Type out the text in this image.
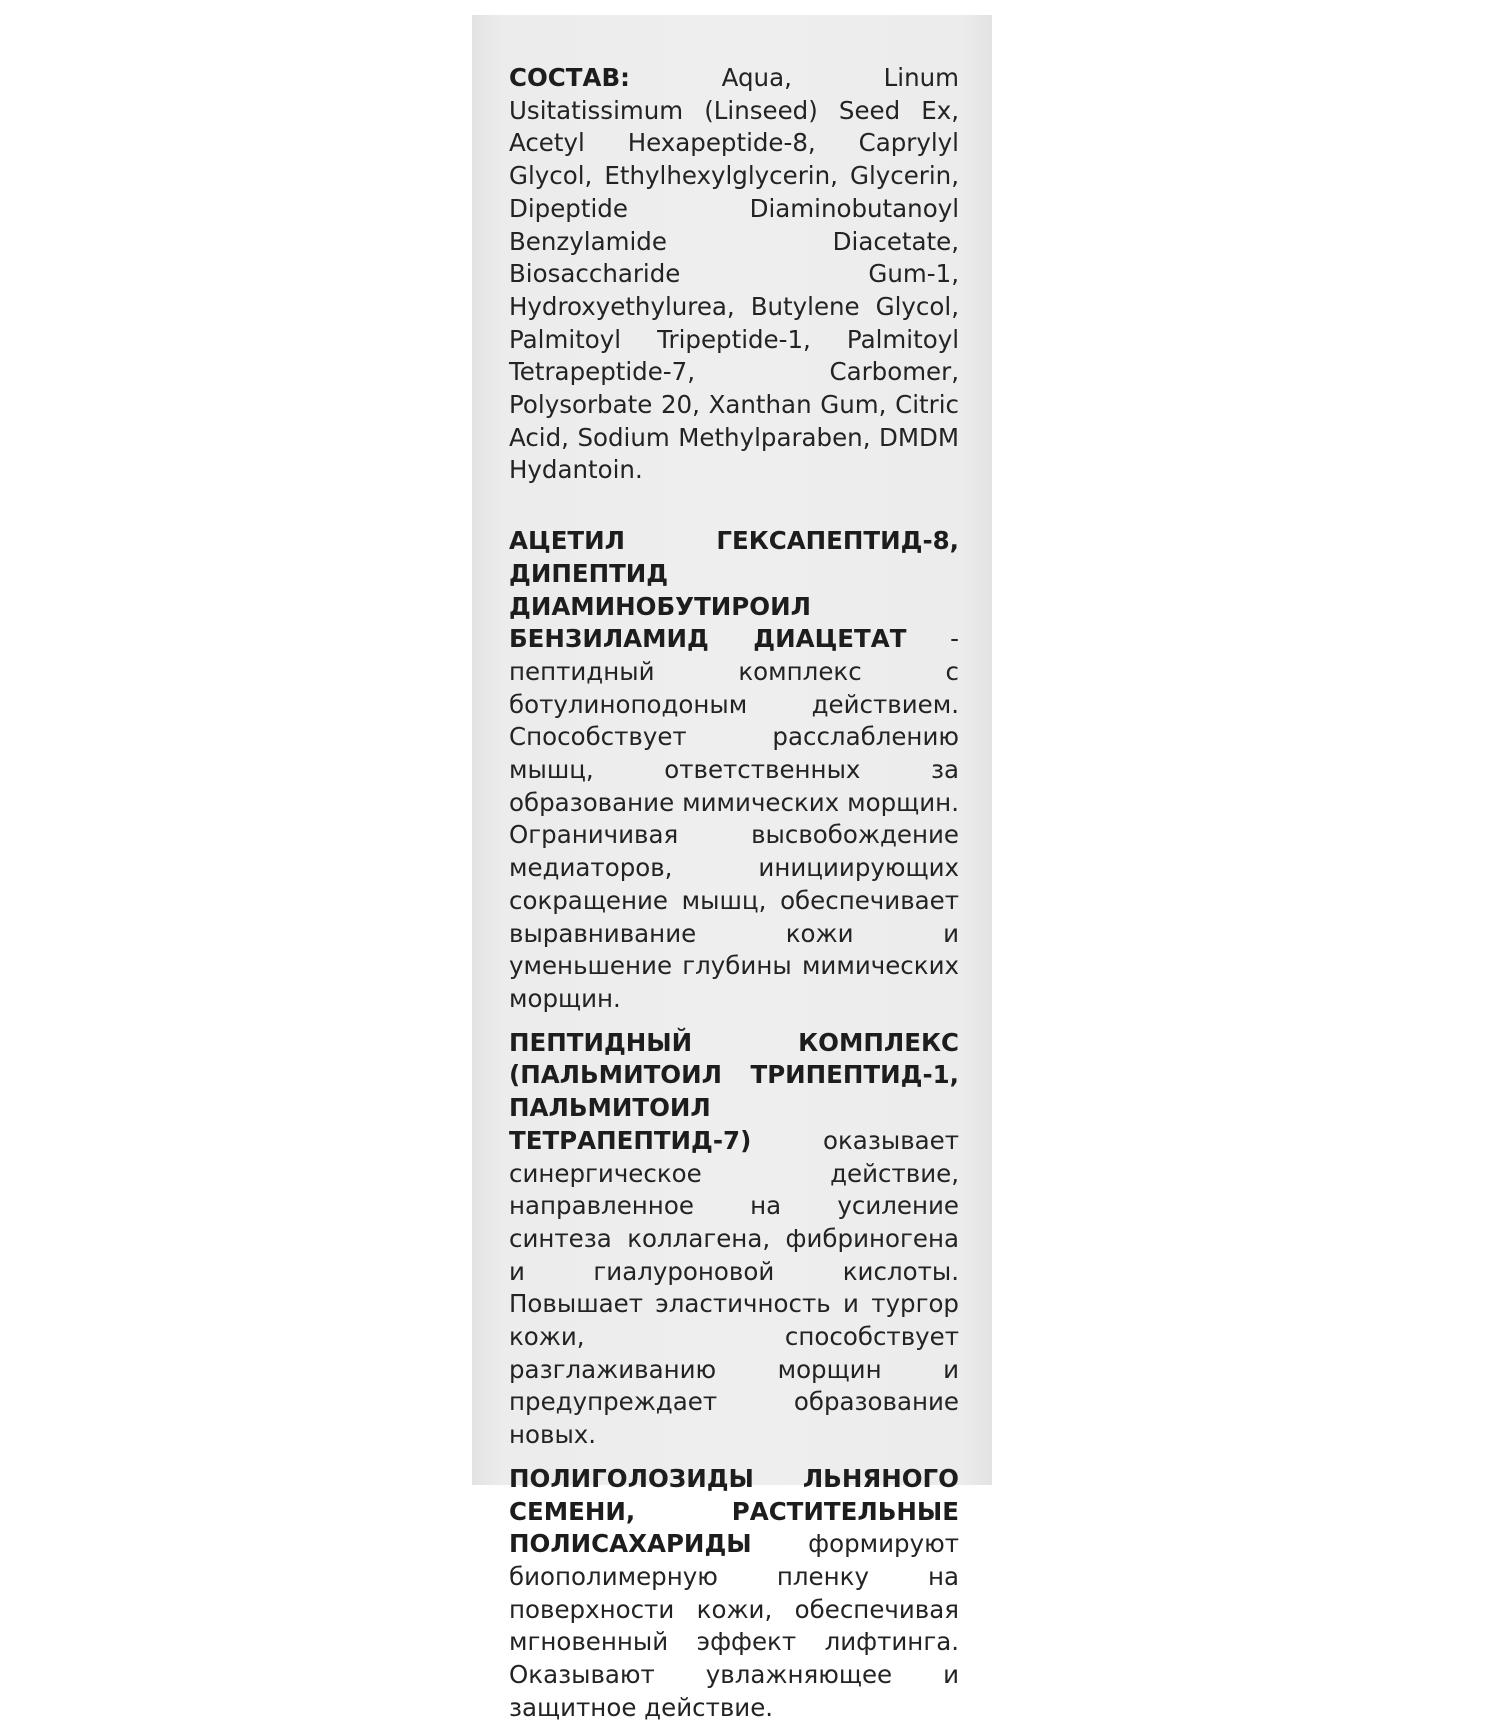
СОСТАВ: Aqua, Linum Usitatissimum (Linseed) Seed Ex, Acetyl Hexapeptide-8, Caprylyl Glycol, Ethylhexylglycerin, Glycerin, Dipeptide Diaminobutanoyl Benzylamide Diacetate, Biosaccharide Gum-1, Hydroxyethylurea, Butylene Glycol, Palmitoyl Tripeptide-1, Palmitoyl Tetrapeptide-7, Carbomer, Polysorbate 20, Xanthan Gum, Citric Acid, Sodium Methylparaben, DMDM Hydantoin.

АЦЕТИЛ ГЕКСАПЕПТИД-8, ДИПЕПТИД ДИАМИНОБУТИРОИЛ БЕНЗИЛАМИД ДИАЦЕТАТ - пептидный комплекс с ботулиноподоным действием. Способствует расслаблению мышц, ответственных за образование мимических морщин. Ограничивая высвобождение медиаторов, инициирующих сокращение мышц, обеспечивает выравнивание кожи и уменьшение глубины мимических морщин.

ПЕПТИДНЫЙ КОМПЛЕКС (ПАЛЬМИТОИЛ ТРИПЕПТИД-1, ПАЛЬМИТОИЛ ТЕТРАПЕПТИД-7) оказывает синергическое действие, направленное на усиление синтеза коллагена, фибриногена и гиалуроновой кислоты. Повышает эластичность и тургор кожи, способствует разглаживанию морщин и предупреждает образование новых.

ПОЛИГОЛОЗИДЫ ЛЬНЯНОГО СЕМЕНИ, РАСТИТЕЛЬНЫЕ ПОЛИСАХАРИДЫ формируют биополимерную пленку на поверхности кожи, обеспечивая мгновенный эффект лифтинга. Оказывают увлажняющее и защитное действие.
